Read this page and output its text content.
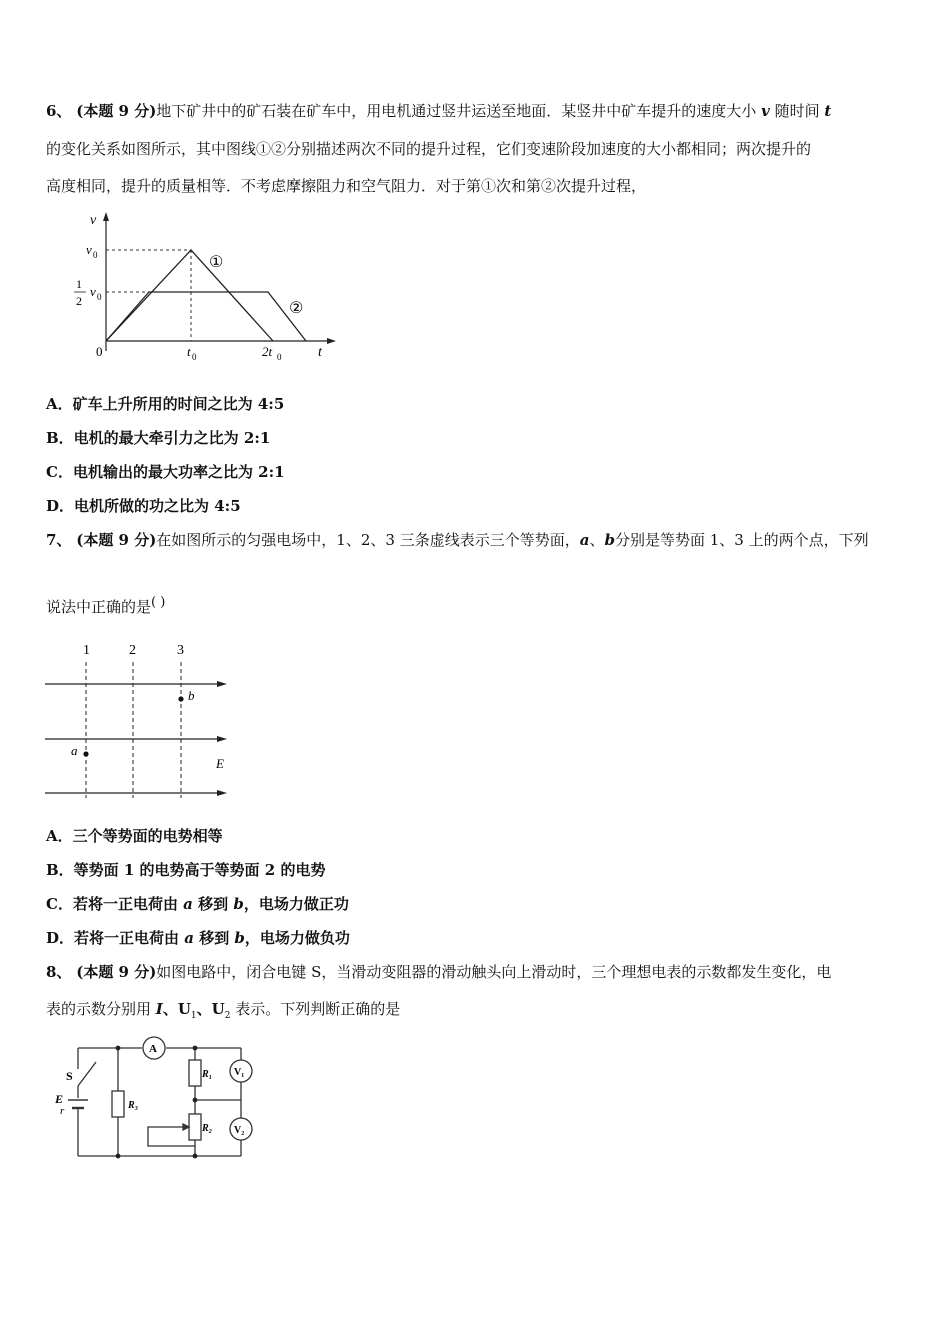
6、 (本题 9 分)地下矿井中的矿石装在矿车中，用电机通过竖井运送至地面．某竖井中矿车提升的速度大小 v 随时间 t
的变化关系如图所示，其中图线①②分别描述两次不同的提升过程，它们变速阶段加速度的大小都相同；两次提升的
高度相同，提升的质量相等．不考虑摩擦阻力和空气阻力．对于第①次和第②次提升过程，
v
t
v 0
1
2
v 0
0	t 0	2t 0
①
②
A．矿车上升所用的时间之比为 4:5
B．电机的最大牵引力之比为 2:1
C．电机输出的最大功率之比为 2:1
D．电机所做的功之比为 4:5
7、 (本题 9 分)在如图所示的匀强电场中，1、2、3 三条虚线表示三个等势面，a、b分别是等势面 1、3 上的两个点，下列
说法中正确的是( )
1	2	3
b
a
E
A．三个等势面的电势相等
B．等势面 1 的电势高于等势面 2 的电势
C．若将一正电荷由 a 移到 b，电场力做正功
D．若将一正电荷由 a 移到 b，电场力做负功
8、 (本题 9 分)如图电路中，闭合电键 S，当滑动变阻器的滑动触头向上滑动时，三个理想电表的示数都发生变化，电
表的示数分别用 I、$U_1$、$U_2$ 表示。下列判断正确的是
A
V₁
V₂
S
E
r	R₃
R₁
R₂
